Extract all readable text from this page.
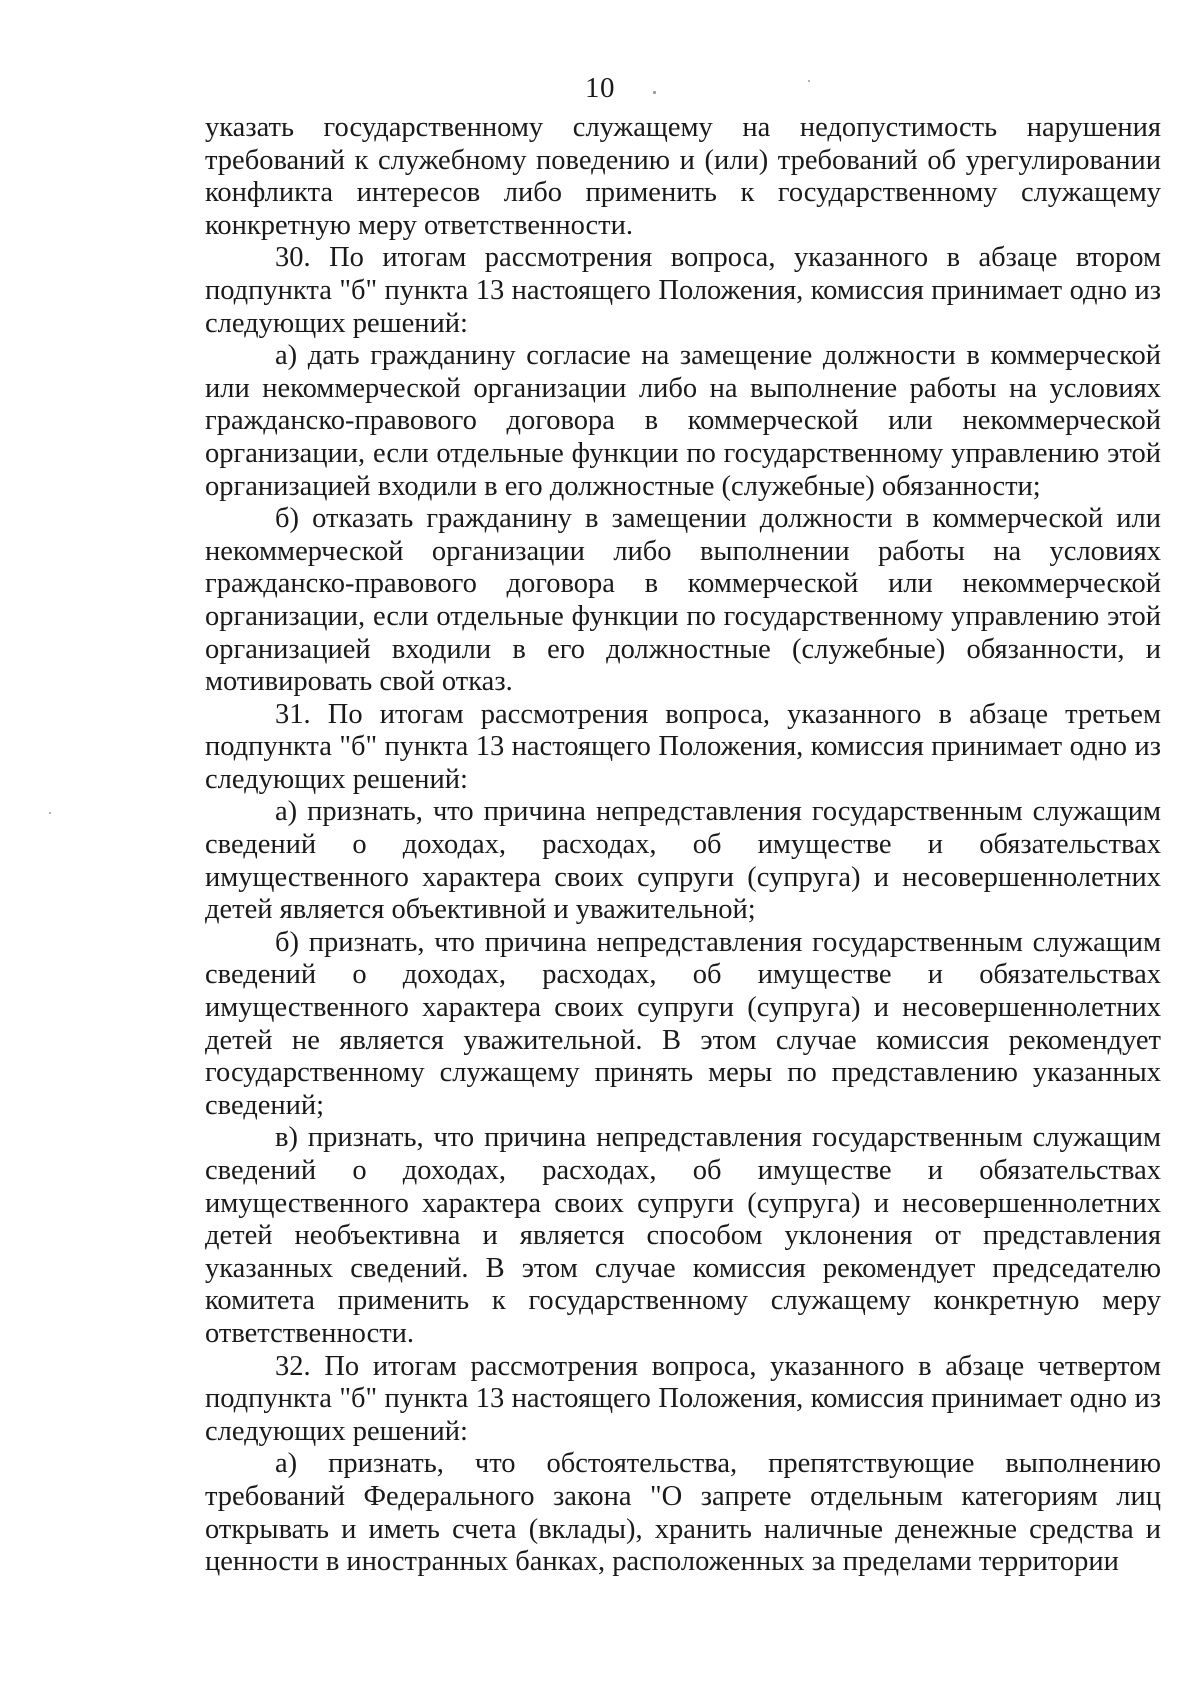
10

указать государственному служащему на недопустимость нарушения требований к служебному поведению и (или) требований об урегулировании конфликта интересов либо применить к государственному служащему конкретную меру ответственности.

30. По итогам рассмотрения вопроса, указанного в абзаце втором подпункта "б" пункта 13 настоящего Положения, комиссия принимает одно из следующих решений:

а) дать гражданину согласие на замещение должности в коммерческой или некоммерческой организации либо на выполнение работы на условиях гражданско-правового договора в коммерческой или некоммерческой организации, если отдельные функции по государственному управлению этой организацией входили в его должностные (служебные) обязанности;

б) отказать гражданину в замещении должности в коммерческой или некоммерческой организации либо выполнении работы на условиях гражданско-правового договора в коммерческой или некоммерческой организации, если отдельные функции по государственному управлению этой организацией входили в его должностные (служебные) обязанности, и мотивировать свой отказ.

31. По итогам рассмотрения вопроса, указанного в абзаце третьем подпункта "б" пункта 13 настоящего Положения, комиссия принимает одно из следующих решений:

а) признать, что причина непредставления государственным служащим сведений о доходах, расходах, об имуществе и обязательствах имущественного характера своих супруги (супруга) и несовершеннолетних детей является объективной и уважительной;

б) признать, что причина непредставления государственным служащим сведений о доходах, расходах, об имуществе и обязательствах имущественного характера своих супруги (супруга) и несовершеннолетних детей не является уважительной. В этом случае комиссия рекомендует государственному служащему принять меры по представлению указанных сведений;

в) признать, что причина непредставления государственным служащим сведений о доходах, расходах, об имуществе и обязательствах имущественного характера своих супруги (супруга) и несовершеннолетних детей необъективна и является способом уклонения от представления указанных сведений. В этом случае комиссия рекомендует председателю комитета применить к государственному служащему конкретную меру ответственности.

32. По итогам рассмотрения вопроса, указанного в абзаце четвертом подпункта "б" пункта 13 настоящего Положения, комиссия принимает одно из следующих решений:

а) признать, что обстоятельства, препятствующие выполнению требований Федерального закона "О запрете отдельным категориям лиц открывать и иметь счета (вклады), хранить наличные денежные средства и ценности в иностранных банках, расположенных за пределами территории
